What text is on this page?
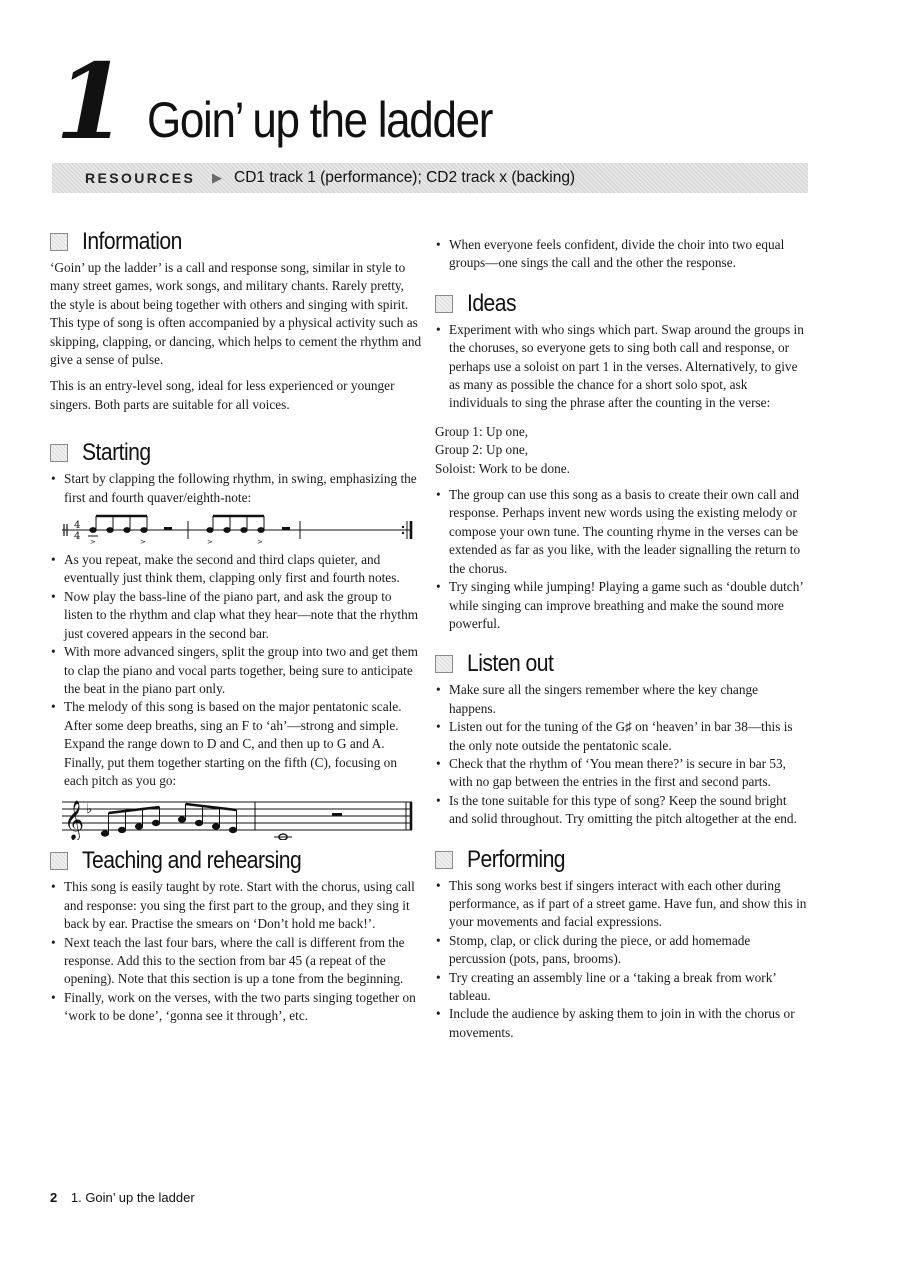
1 Goin’ up the ladder
RESOURCES ▶ CD1 track 1 (performance); CD2 track x (backing)
Information

‘Goin’ up the ladder’ is a call and response song, similar in style to many street games, work songs, and military chants. Rarely pretty, the style is about being together with others and singing with spirit. This type of song is often accompanied by a physical activity such as skipping, clapping, or dancing, which helps to cement the rhythm and give a sense of pulse.

This is an entry-level song, ideal for less experienced or younger singers. Both parts are suitable for all voices.

Starting
• Start by clapping the following rhythm, in swing, emphasizing the first and fourth quaver/eighth-note:
4
4 >	>	>	>
• As you repeat, make the second and third claps quieter, and eventually just think them, clapping only first and fourth notes.
• Now play the bass-line of the piano part, and ask the group to listen to the rhythm and clap what they hear—note that the rhythm just covered appears in the second bar.
• With more advanced singers, split the group into two and get them to clap the piano and vocal parts together, being sure to anticipate the beat in the piano part only.
• The melody of this song is based on the major pentatonic scale. After some deep breaths, sing an F to ‘ah’—strong and simple. Expand the range down to D and C, and then up to G and A. Finally, put them together starting on the fifth (C), focusing on each pitch as you go:
𝄞 ♭
Teaching and rehearsing
• This song is easily taught by rote. Start with the chorus, using call and response: you sing the first part to the group, and they sing it back by ear. Practise the smears on ‘Don’t hold me back!’.
• Next teach the last four bars, where the call is different from the response. Add this to the section from bar 45 (a repeat of the opening). Note that this section is up a tone from the beginning.
• Finally, work on the verses, with the two parts singing together on ‘work to be done’, ‘gonna see it through’, etc.
• When everyone feels confident, divide the choir into two equal groups—one sings the call and the other the response.
Ideas
• Experiment with who sings which part. Swap around the groups in the choruses, so everyone gets to sing both call and response, or perhaps use a soloist on part 1 in the verses. Alternatively, to give as many as possible the chance for a short solo spot, ask individuals to sing the phrase after the counting in the verse:

Group 1: Up one,

Group 2: Up one,

Soloist: Work to be done.

• The group can use this song as a basis to create their own call and response. Perhaps invent new words using the existing melody or compose your own tune. The counting rhyme in the verses can be extended as far as you like, with the leader signalling the return to the chorus.
• Try singing while jumping! Playing a game such as ‘double dutch’ while singing can improve breathing and make the sound more powerful.
Listen out
• Make sure all the singers remember where the key change happens.
• Listen out for the tuning of the G♯ on ‘heaven’ in bar 38—this is the only note outside the pentatonic scale.
• Check that the rhythm of ‘You mean there?’ is secure in bar 53, with no gap between the entries in the first and second parts.
• Is the tone suitable for this type of song? Keep the sound bright and solid throughout. Try omitting the pitch altogether at the end.
Performing
• This song works best if singers interact with each other during performance, as if part of a street game. Have fun, and show this in your movements and facial expressions.
• Stomp, clap, or click during the piece, or add homemade percussion (pots, pans, brooms).
• Try creating an assembly line or a ‘taking a break from work’ tableau.
• Include the audience by asking them to join in with the chorus or movements.
2 1. Goin’ up the ladder
